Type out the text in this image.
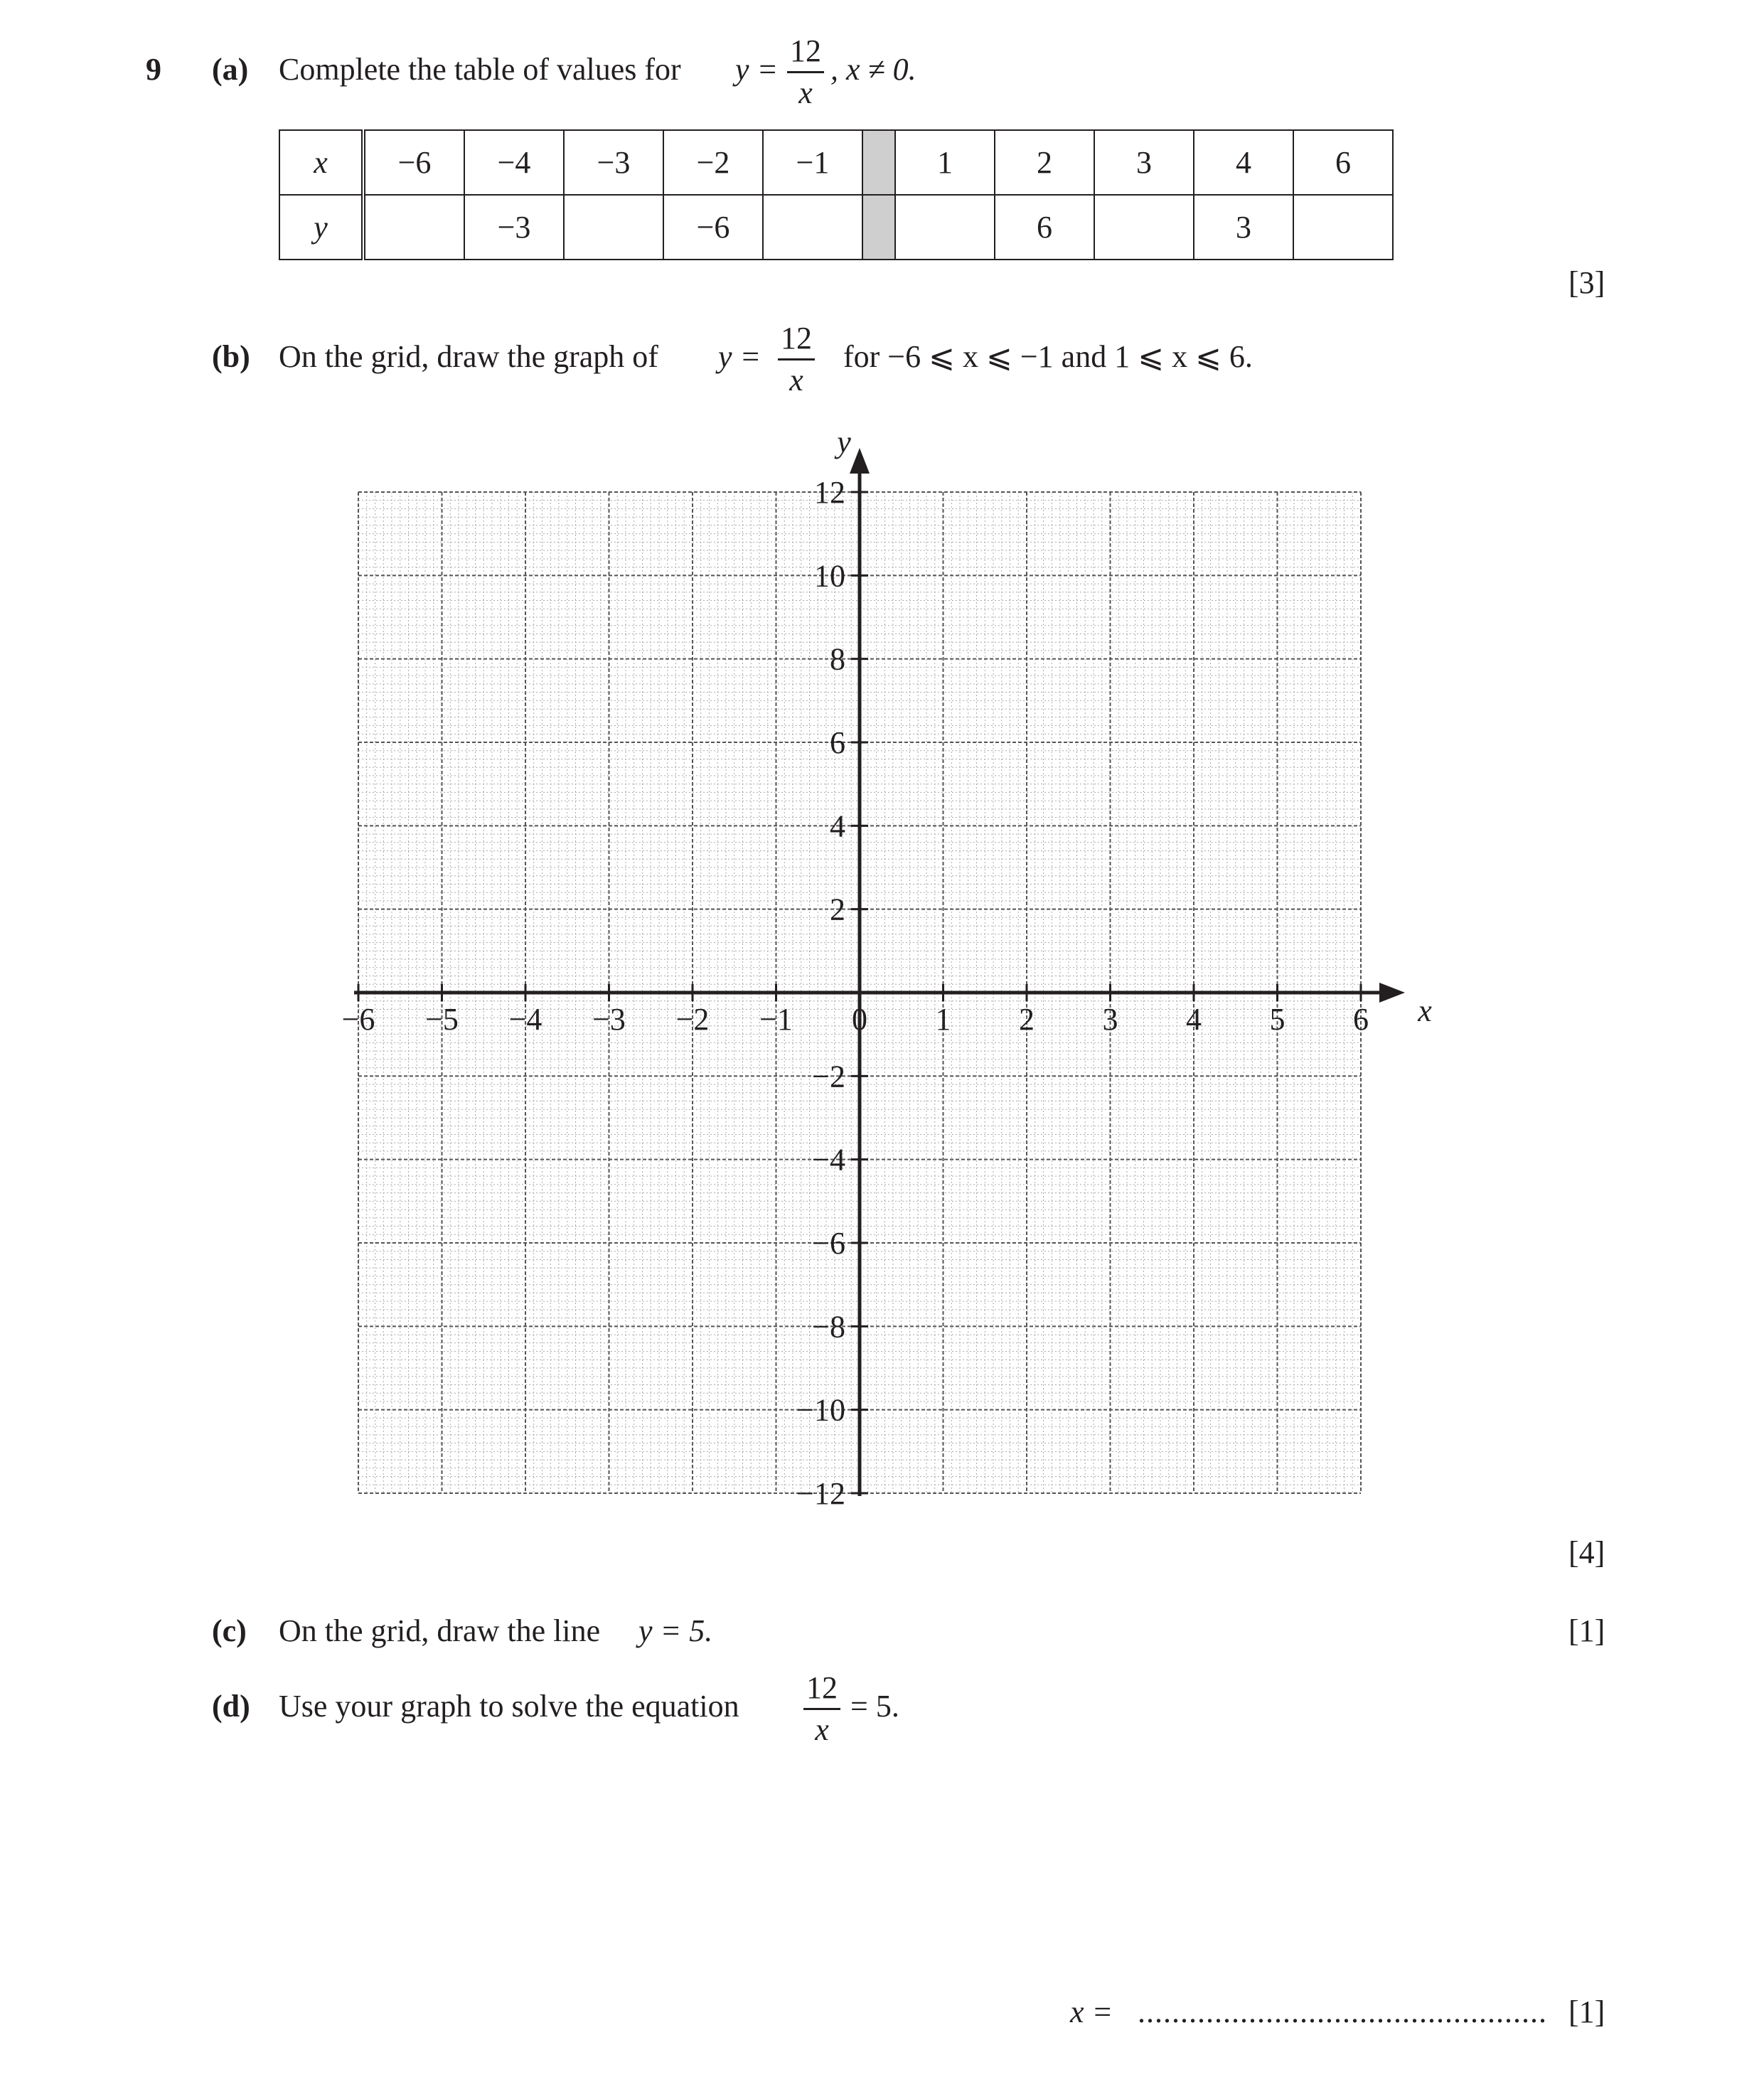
9 (a) Complete the table of values for y =
12
x
, x ≠ 0.
x	−6	−4	−3	−2	−1		1	2	3	4	6
y		−3		−6				6		3	
[3]
(b) On the grid, draw the graph of y =
12
x
for −6 ⩽ x ⩽ −1 and 1 ⩽ x ⩽ 6.
−6 −5 −4 −3 −2 −1 0 1 2 3 4 5 6
12
10
8
6
4
2
−2
−4
−6
−8
−10
−12
x
y
[4]
(c) On the grid, draw the line y = 5.	[1]
(d) Use your graph to solve the equation
12
x
= 5.
x = ................................................ [1]
